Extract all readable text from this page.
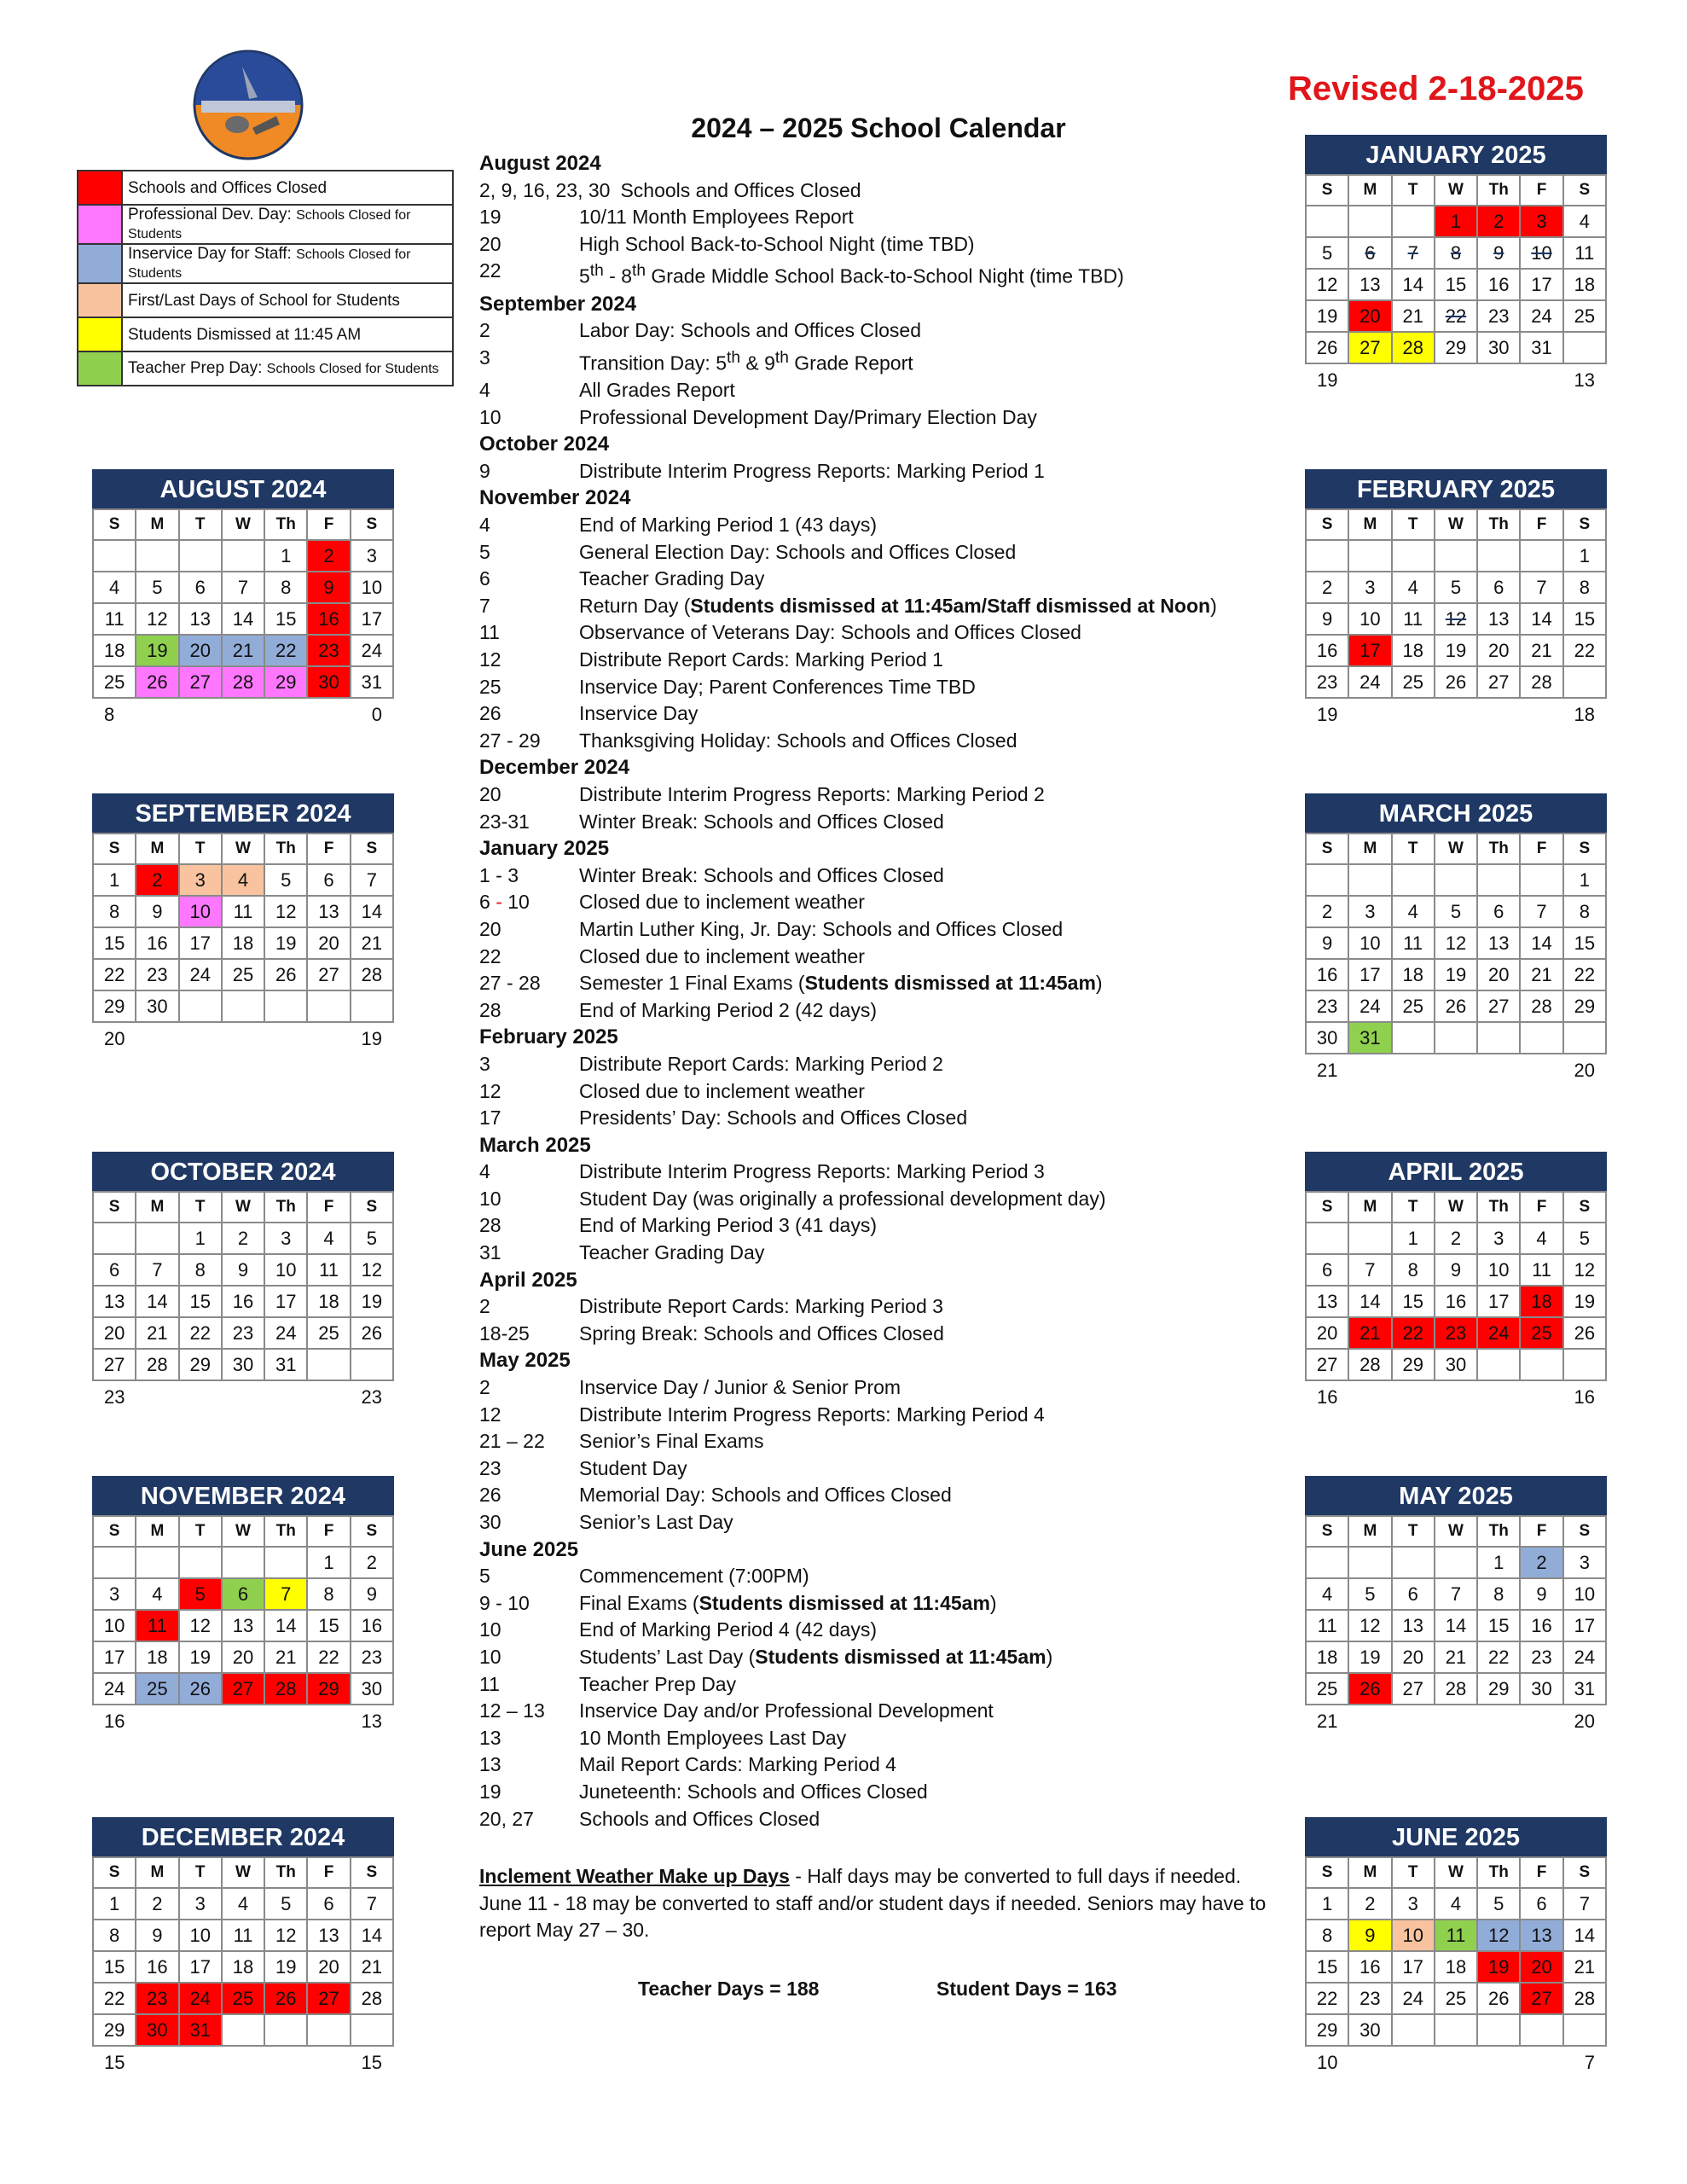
Revised 2-18-2025
2024 – 2025 School Calendar
	Schools and Offices Closed
	Professional Dev. Day: Schools Closed for Students
	Inservice Day for Staff: Schools Closed for Students
	First/Last Days of School for Students
	Students Dismissed at 11:45 AM
	Teacher Prep Day: Schools Closed for Students
AUGUST 2024
S	M	T	W	Th	F	S
				1	2	3
4	5	6	7	8	9	10
11	12	13	14	15	16	17
18	19	20	21	22	23	24
25	26	27	28	29	30	31
8	0
SEPTEMBER 2024
S	M	T	W	Th	F	S
1	2	3	4	5	6	7
8	9	10	11	12	13	14
15	16	17	18	19	20	21
22	23	24	25	26	27	28
29	30					
20	19
OCTOBER 2024
S	M	T	W	Th	F	S
		1	2	3	4	5
6	7	8	9	10	11	12
13	14	15	16	17	18	19
20	21	22	23	24	25	26
27	28	29	30	31		
23	23
NOVEMBER 2024
S	M	T	W	Th	F	S
					1	2
3	4	5	6	7	8	9
10	11	12	13	14	15	16
17	18	19	20	21	22	23
24	25	26	27	28	29	30
16	13
DECEMBER 2024
S	M	T	W	Th	F	S
1	2	3	4	5	6	7
8	9	10	11	12	13	14
15	16	17	18	19	20	21
22	23	24	25	26	27	28
29	30	31				
15	15
JANUARY 2025
S	M	T	W	Th	F	S
			1	2	3	4
5	6	7	8	9	10	11
12	13	14	15	16	17	18
19	20	21	22	23	24	25
26	27	28	29	30	31	
19	13
FEBRUARY 2025
S	M	T	W	Th	F	S
						1
2	3	4	5	6	7	8
9	10	11	12	13	14	15
16	17	18	19	20	21	22
23	24	25	26	27	28	
19	18
MARCH 2025
S	M	T	W	Th	F	S
						1
2	3	4	5	6	7	8
9	10	11	12	13	14	15
16	17	18	19	20	21	22
23	24	25	26	27	28	29
30	31					
21	20
APRIL 2025
S	M	T	W	Th	F	S
		1	2	3	4	5
6	7	8	9	10	11	12
13	14	15	16	17	18	19
20	21	22	23	24	25	26
27	28	29	30			
16	16
MAY 2025
S	M	T	W	Th	F	S
				1	2	3
4	5	6	7	8	9	10
11	12	13	14	15	16	17
18	19	20	21	22	23	24
25	26	27	28	29	30	31
21	20
JUNE 2025
S	M	T	W	Th	F	S
1	2	3	4	5	6	7
8	9	10	11	12	13	14
15	16	17	18	19	20	21
22	23	24	25	26	27	28
29	30					
10	7
August 2024
2, 9, 16, 23, 30 Schools and Offices Closed
19	10/11 Month Employees Report
20	High School Back-to-School Night (time TBD)
22	5th - 8th Grade Middle School Back-to-School Night (time TBD)
September 2024
2	Labor Day: Schools and Offices Closed
3	Transition Day: 5th & 9th Grade Report
4	All Grades Report
10	Professional Development Day/Primary Election Day
October 2024
9	Distribute Interim Progress Reports: Marking Period 1
November 2024
4	End of Marking Period 1 (43 days)
5	General Election Day: Schools and Offices Closed
6	Teacher Grading Day
7	Return Day (Students dismissed at 11:45am/Staff dismissed at Noon)
11	Observance of Veterans Day: Schools and Offices Closed
12	Distribute Report Cards: Marking Period 1
25	Inservice Day; Parent Conferences Time TBD
26	Inservice Day
27 - 29	Thanksgiving Holiday: Schools and Offices Closed
December 2024
20	Distribute Interim Progress Reports: Marking Period 2
23-31	Winter Break: Schools and Offices Closed
January 2025
1 - 3	Winter Break: Schools and Offices Closed
6 - 10	Closed due to inclement weather
20	Martin Luther King, Jr. Day: Schools and Offices Closed
22	Closed due to inclement weather
27 - 28	Semester 1 Final Exams (Students dismissed at 11:45am)
28	End of Marking Period 2 (42 days)
February 2025
3	Distribute Report Cards: Marking Period 2
12	Closed due to inclement weather
17	Presidents’ Day: Schools and Offices Closed
March 2025
4	Distribute Interim Progress Reports: Marking Period 3
10	Student Day (was originally a professional development day)
28	End of Marking Period 3 (41 days)
31	Teacher Grading Day
April 2025
2	Distribute Report Cards: Marking Period 3
18-25	Spring Break: Schools and Offices Closed
May 2025
2	Inservice Day / Junior & Senior Prom
12	Distribute Interim Progress Reports: Marking Period 4
21 – 22	Senior’s Final Exams
23	Student Day
26	Memorial Day: Schools and Offices Closed
30	Senior’s Last Day
June 2025
5	Commencement (7:00PM)
9 - 10	Final Exams (Students dismissed at 11:45am)
10	End of Marking Period 4 (42 days)
10	Students’ Last Day (Students dismissed at 11:45am)
11	Teacher Prep Day
12 – 13	Inservice Day and/or Professional Development
13	10 Month Employees Last Day
13	Mail Report Cards: Marking Period 4
19	Juneteenth: Schools and Offices Closed
20, 27	Schools and Offices Closed
Inclement Weather Make up Days - Half days may be converted to full days if needed. June 11 - 18 may be converted to staff and/or student days if needed. Seniors may have to report May 27 – 30.
Teacher Days = 188	Student Days = 163
